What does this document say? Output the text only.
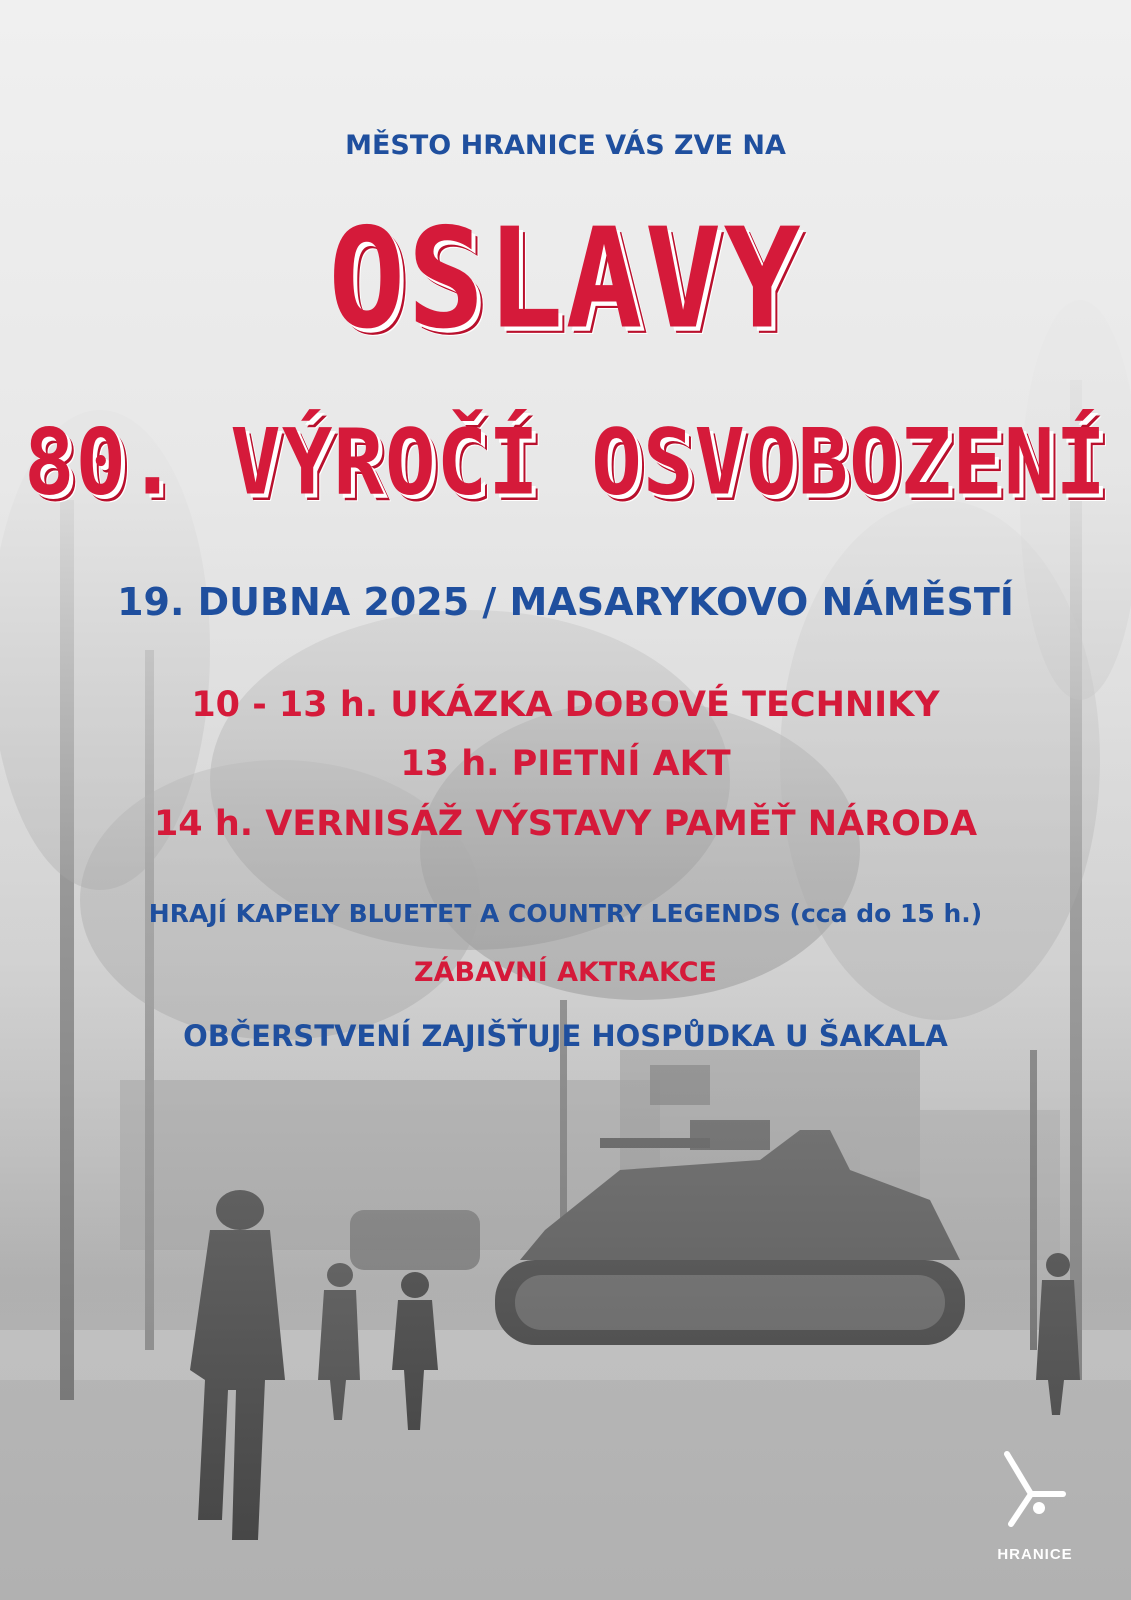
MĚSTO HRANICE VÁS ZVE NA
OSLAVY
80. VÝROČÍ OSVOBOZENÍ
19. DUBNA 2025 / MASARYKOVO NÁMĚSTÍ
10 - 13 h. UKÁZKA DOBOVÉ TECHNIKY
13 h. PIETNÍ AKT
14 h. VERNISÁŽ VÝSTAVY PAMĚŤ NÁRODA
HRAJÍ KAPELY BLUETET A COUNTRY LEGENDS (cca do 15 h.)
ZÁBAVNÍ AKTRAKCE
OBČERSTVENÍ ZAJIŠŤUJE HOSPŮDKA U ŠAKALA
HRANICE
